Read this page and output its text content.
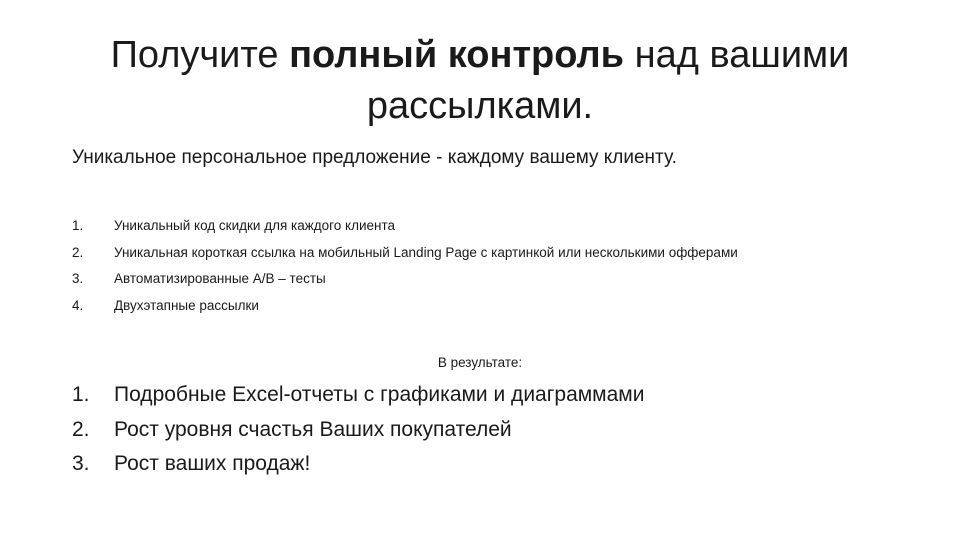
Получите полный контроль над вашими рассылками.

Уникальное персональное предложение - каждому вашему клиенту.

1.	Уникальный код скидки для каждого клиента
2.	Уникальная короткая ссылка на мобильный Landing Page с картинкой или несколькими офферами
3.	Автоматизированные A/B – тесты
4.	Двухэтапные рассылки

В результате:

1.	Подробные Excel-отчеты с графиками и диаграммами
2.	Рост уровня счастья Ваших покупателей
3.	Рост ваших продаж!
